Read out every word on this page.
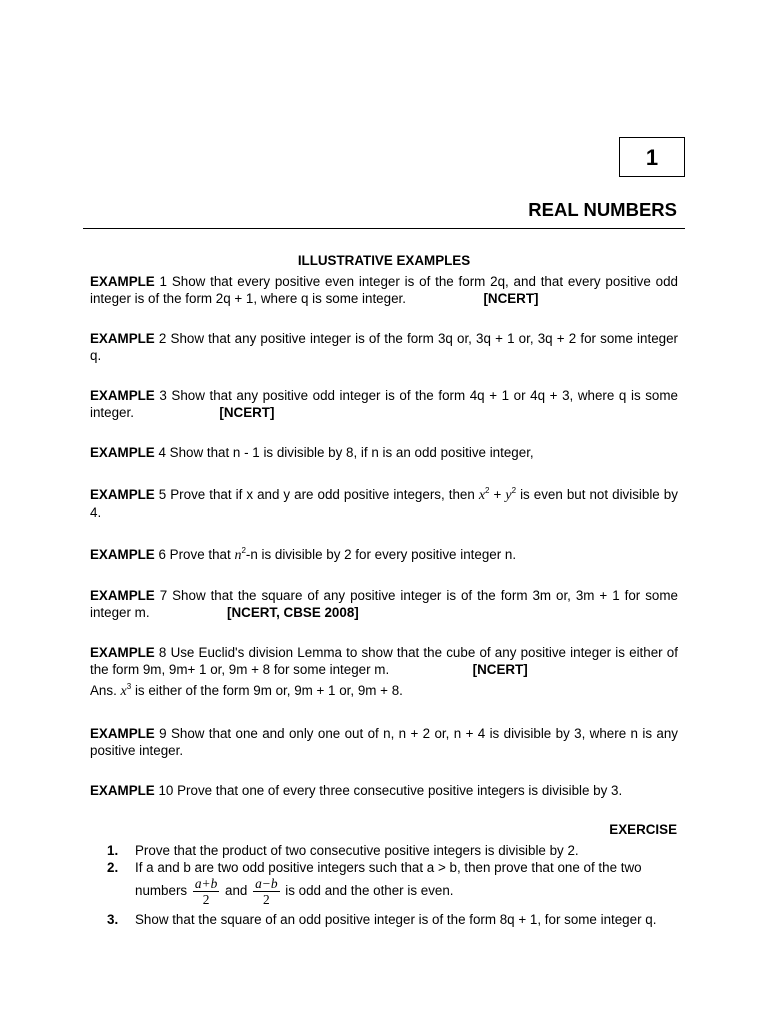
1
REAL NUMBERS
ILLUSTRATIVE EXAMPLES

EXAMPLE 1 Show that every positive even integer is of the form 2q, and that every positive odd integer is of the form 2q + 1, where q is some integer.	[NCERT]

EXAMPLE 2 Show that any positive integer is of the form 3q or, 3q + 1 or, 3q + 2 for some integer q.

EXAMPLE 3 Show that any positive odd integer is of the form 4q + 1 or 4q + 3, where q is some integer.	[NCERT]

EXAMPLE 4 Show that n - 1 is divisible by 8, if n is an odd positive integer,

EXAMPLE 5 Prove that if x and y are odd positive integers, then $x^2 + y^2$ is even but not divisible by 4.

EXAMPLE 6 Prove that $n^2-n$ is divisible by 2 for every positive integer n.

EXAMPLE 7 Show that the square of any positive integer is of the form 3m or, 3m + 1 for some integer m.	[NCERT, CBSE 2008]

EXAMPLE 8 Use Euclid's division Lemma to show that the cube of any positive integer is either of the form 9m, 9m+ 1 or, 9m + 8 for some integer m.	[NCERT]

Ans. $x^3$ is either of the form 9m or, 9m + 1 or, 9m + 8.

EXAMPLE 9 Show that one and only one out of n, n + 2 or, n + 4 is divisible by 3, where n is any positive integer.

EXAMPLE 10 Prove that one of every three consecutive positive integers is divisible by 3.

EXERCISE
1. Prove that the product of two consecutive positive integers is divisible by 2.
2. If a and b are two odd positive integers such that a > b, then prove that one of the two
numbers $\frac{a+b}{2}$ and $\frac{a-b}{2}$ is odd and the other is even.
3. Show that the square of an odd positive integer is of the form 8q + 1, for some integer q.
